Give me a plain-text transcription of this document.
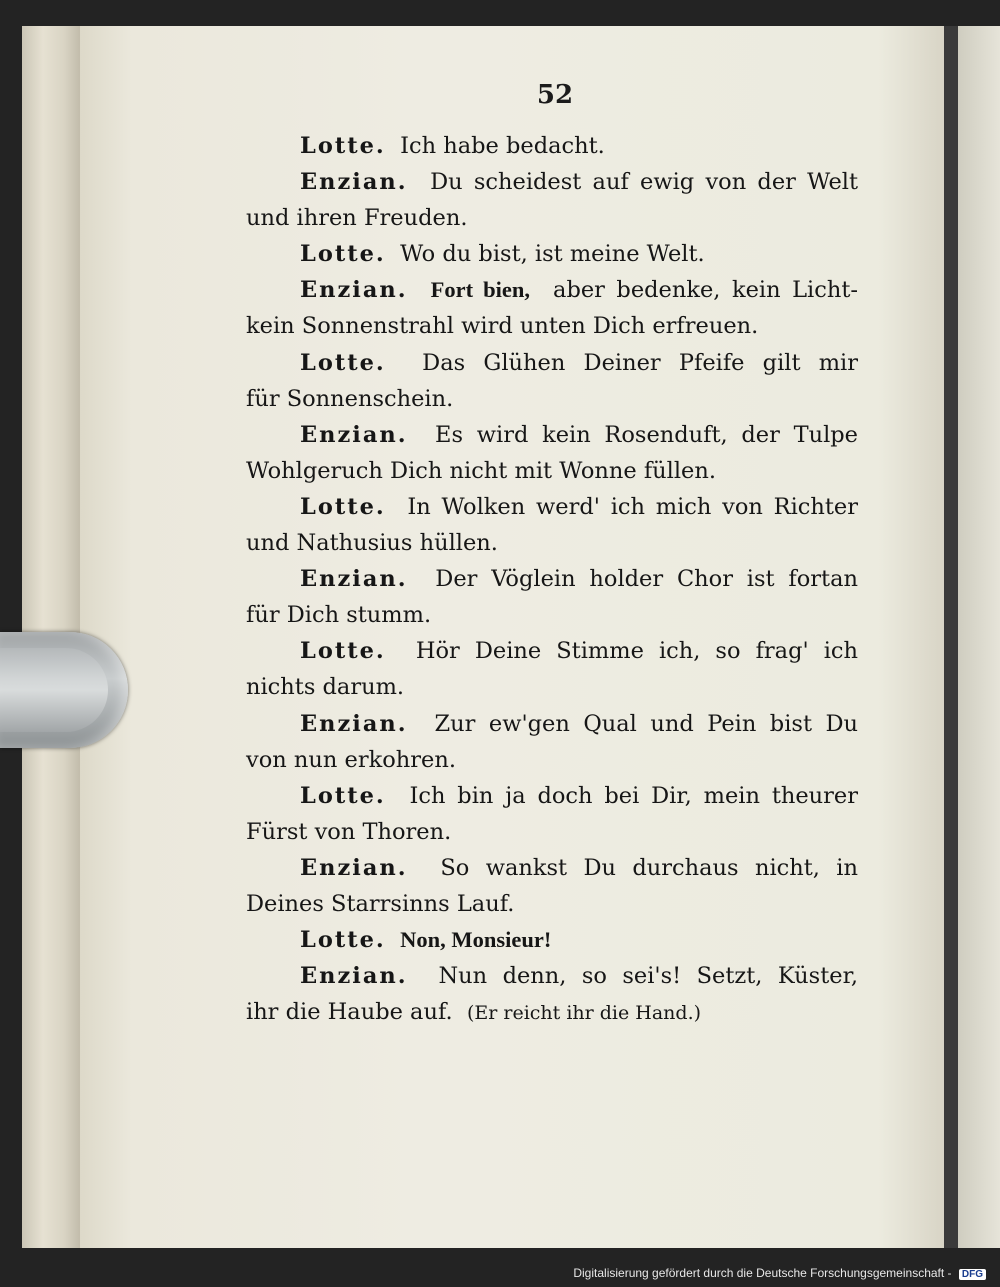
52
Lotte. Ich habe bedacht.
Enzian. Du scheidest auf ewig von der Welt
und ihren Freuden.
Lotte. Wo du bist, ist meine Welt.
Enzian. Fort bien, aber bedenke, kein Licht-
kein Sonnenstrahl wird unten Dich erfreuen.
Lotte. Das Glühen Deiner Pfeife gilt mir
für Sonnenschein.
Enzian. Es wird kein Rosenduft, der Tulpe
Wohlgeruch Dich nicht mit Wonne füllen.
Lotte. In Wolken werd' ich mich von Richter
und Nathusius hüllen.
Enzian. Der Vöglein holder Chor ist fortan
für Dich stumm.
Lotte. Hör Deine Stimme ich, so frag' ich
nichts darum.
Enzian. Zur ew'gen Qual und Pein bist Du
von nun erkohren.
Lotte. Ich bin ja doch bei Dir, mein theurer
Fürst von Thoren.
Enzian. So wankst Du durchaus nicht, in
Deines Starrsinns Lauf.
Lotte. Non, Monsieur!
Enzian. Nun denn, so sei's! Setzt, Küster,
ihr die Haube auf. (Er reicht ihr die Hand.)
Digitalisierung gefördert durch die Deutsche Forschungsgemeinschaft - DFG
